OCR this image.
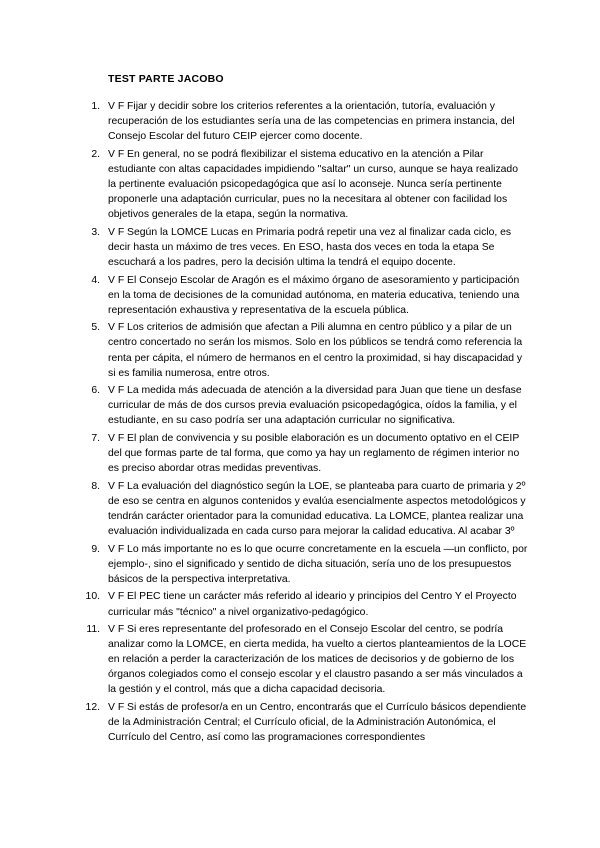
TEST PARTE JACOBO
1. V F Fijar y decidir sobre los criterios referentes a la orientación, tutoría, evaluación y recuperación de los estudiantes sería una de las competencias en primera instancia, del Consejo Escolar del futuro CEIP ejercer como docente.
2. V F En general, no se podrá flexibilizar el sistema educativo en la atención a Pilar estudiante con altas capacidades impidiendo "saltar" un curso, aunque se haya realizado la pertinente evaluación psicopedagógica que así lo aconseje. Nunca sería pertinente proponerle una adaptación curricular, pues no la necesitara al obtener con facilidad los objetivos generales de la etapa, según la normativa.
3. V F Según la LOMCE Lucas en Primaria podrá repetir una vez al finalizar cada ciclo, es decir hasta un máximo de tres veces. En ESO, hasta dos veces en toda la etapa Se escuchará a los padres, pero la decisión ultima la tendrá el equipo docente.
4. V F El Consejo Escolar de Aragón es el máximo órgano de asesoramiento y participación en la toma de decisiones de la comunidad autónoma, en materia educativa, teniendo una representación exhaustiva y representativa de la escuela pública.
5. V F Los criterios de admisión que afectan a Pili alumna en centro público y a pilar de un centro concertado no serán los mismos. Solo en los públicos se tendrá como referencia la renta per cápita, el número de hermanos en el centro la proximidad, si hay discapacidad y si es familia numerosa, entre otros.
6. V F La medida más adecuada de atención a la diversidad para Juan que tiene un desfase curricular de más de dos cursos previa evaluación psicopedagógica, oídos la familia, y el estudiante, en su caso podría ser una adaptación curricular no significativa.
7. V F El plan de convivencia y su posible elaboración es un documento optativo en el CEIP del que formas parte de tal forma, que como ya hay un reglamento de régimen interior no es preciso abordar otras medidas preventivas.
8. V F La evaluación del diagnóstico según la LOE, se planteaba para cuarto de primaria y 2º de eso se centra en algunos contenidos y evalúa esencialmente aspectos metodológicos y tendrán carácter orientador para la comunidad educativa. La LOMCE, plantea realizar una evaluación individualizada en cada curso para mejorar la calidad educativa. Al acabar 3º
9. V F Lo más importante no es lo que ocurre concretamente en la escuela —un conflicto, por ejemplo-, sino el significado y sentido de dicha situación, sería uno de los presupuestos básicos de la perspectiva interpretativa.
10. V F El PEC tiene un carácter más referido al ideario y principios del Centro Y el Proyecto curricular más "técnico" a nivel organizativo-pedagógico.
11. V F Si eres representante del profesorado en el Consejo Escolar del centro, se podría analizar como la LOMCE, en cierta medida, ha vuelto a ciertos planteamientos de la LOCE en relación a perder la caracterización de los matices de decisorios y de gobierno de los órganos colegiados como el consejo escolar y el claustro pasando a ser más vinculados a la gestión y el control, más que a dicha capacidad decisoria.
12. V F Si estás de profesor/a en un Centro, encontrarás que el Currículo básicos dependiente de la Administración Central; el Currículo oficial, de la Administración Autonómica, el Currículo del Centro, así como las programaciones correspondientes
